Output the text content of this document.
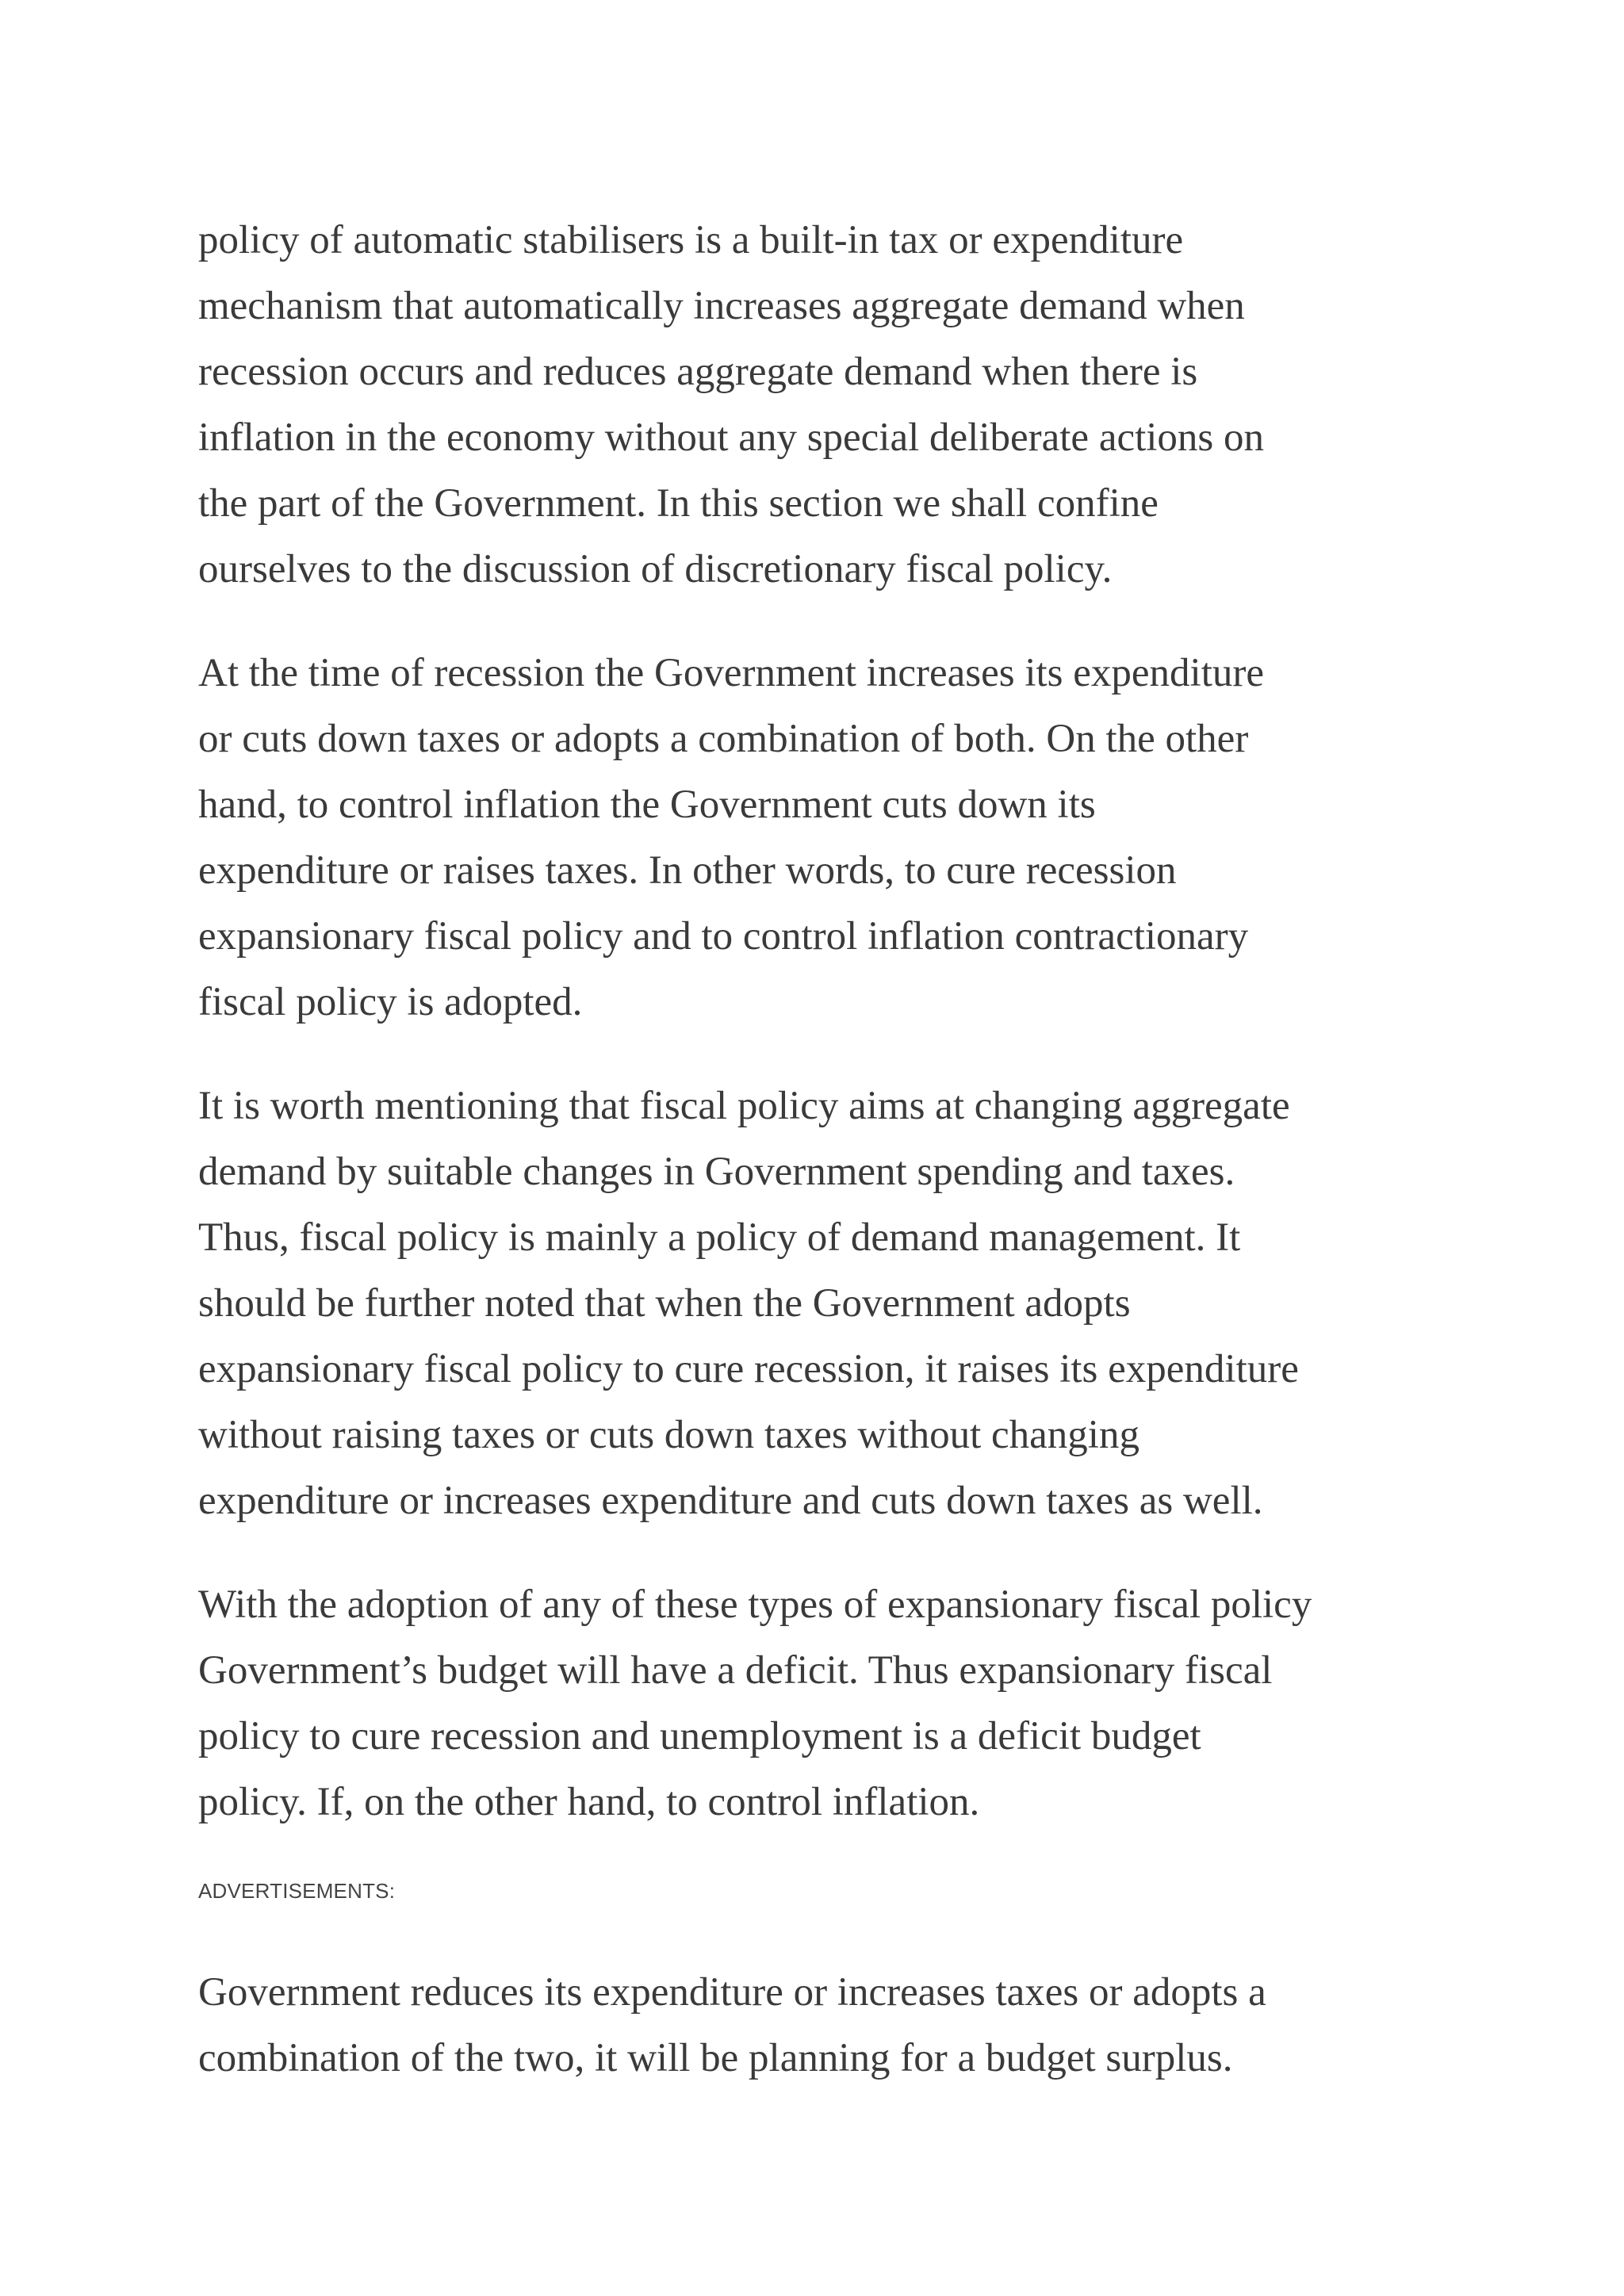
policy of automatic stabilisers is a built-in tax or expenditure
mechanism that automatically increases aggregate demand when
recession occurs and reduces aggregate demand when there is
inflation in the economy without any special deliberate actions on
the part of the Government. In this section we shall confine
ourselves to the discussion of discretionary fiscal policy.

At the time of recession the Government increases its expenditure
or cuts down taxes or adopts a combination of both. On the other
hand, to control inflation the Government cuts down its
expenditure or raises taxes. In other words, to cure recession
expansionary fiscal policy and to control inflation contractionary
fiscal policy is adopted.

It is worth mentioning that fiscal policy aims at changing aggregate
demand by suitable changes in Government spending and taxes.
Thus, fiscal policy is mainly a policy of demand management. It
should be further noted that when the Government adopts
expansionary fiscal policy to cure recession, it raises its expenditure
without raising taxes or cuts down taxes without changing
expenditure or increases expenditure and cuts down taxes as well.

With the adoption of any of these types of expansionary fiscal policy
Government’s budget will have a deficit. Thus expansionary fiscal
policy to cure recession and unemployment is a deficit budget
policy. If, on the other hand, to control inflation.

ADVERTISEMENTS:

Government reduces its expenditure or increases taxes or adopts a
combination of the two, it will be planning for a budget surplus.
